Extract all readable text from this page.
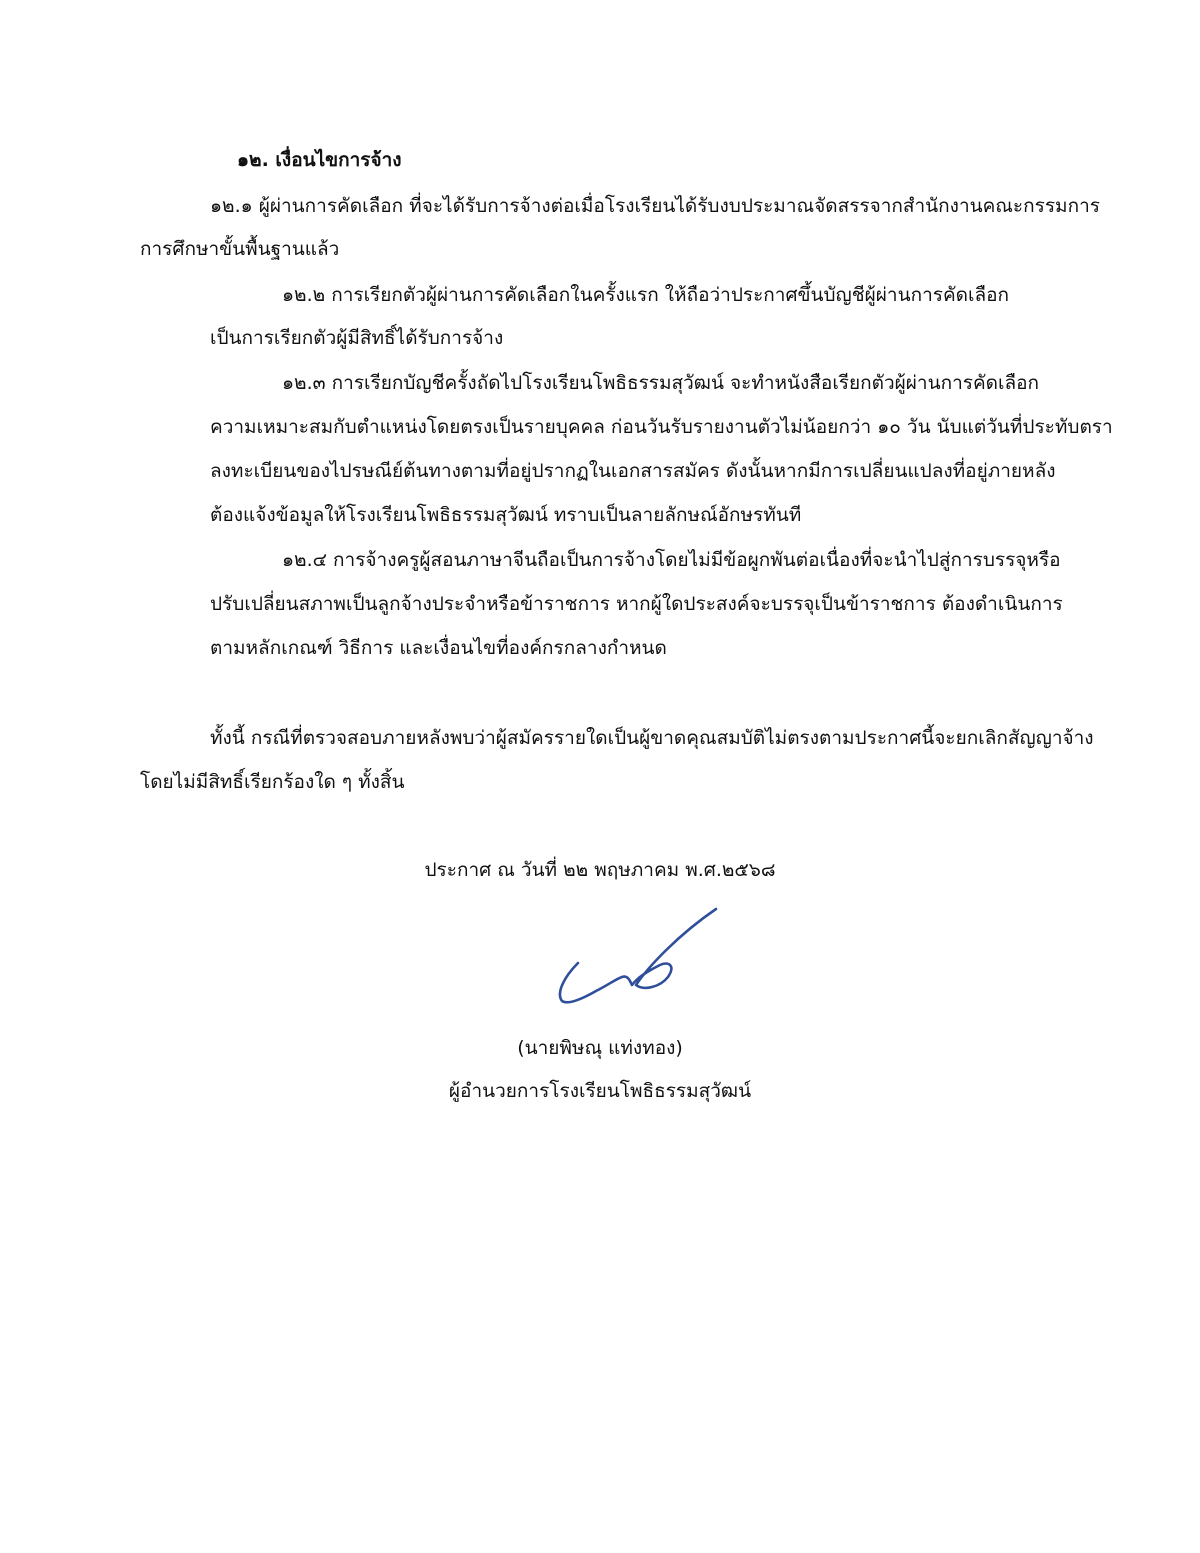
๑๒. เงื่อนไขการจ้าง

๑๒.๑ ผู้ผ่านการคัดเลือก ที่จะได้รับการจ้างต่อเมื่อโรงเรียนได้รับงบประมาณจัดสรรจากสำนักงานคณะกรรมการ

การศึกษาขั้นพื้นฐานแล้ว

๑๒.๒ การเรียกตัวผู้ผ่านการคัดเลือกในครั้งแรก ให้ถือว่าประกาศขึ้นบัญชีผู้ผ่านการคัดเลือก

เป็นการเรียกตัวผู้มีสิทธิ์ได้รับการจ้าง

๑๒.๓ การเรียกบัญชีครั้งถัดไปโรงเรียนโพธิธรรมสุวัฒน์ จะทำหนังสือเรียกตัวผู้ผ่านการคัดเลือก

ความเหมาะสมกับตำแหน่งโดยตรงเป็นรายบุคคล ก่อนวันรับรายงานตัวไม่น้อยกว่า ๑๐ วัน นับแต่วันที่ประทับตรา

ลงทะเบียนของไปรษณีย์ต้นทางตามที่อยู่ปรากฏในเอกสารสมัคร ดังนั้นหากมีการเปลี่ยนแปลงที่อยู่ภายหลัง

ต้องแจ้งข้อมูลให้โรงเรียนโพธิธรรมสุวัฒน์ ทราบเป็นลายลักษณ์อักษรทันที

๑๒.๔ การจ้างครูผู้สอนภาษาจีนถือเป็นการจ้างโดยไม่มีข้อผูกพันต่อเนื่องที่จะนำไปสู่การบรรจุหรือ

ปรับเปลี่ยนสภาพเป็นลูกจ้างประจำหรือข้าราชการ หากผู้ใดประสงค์จะบรรจุเป็นข้าราชการ ต้องดำเนินการ

ตามหลักเกณฑ์ วิธีการ และเงื่อนไขที่องค์กรกลางกำหนด

ทั้งนี้ กรณีที่ตรวจสอบภายหลังพบว่าผู้สมัครรายใดเป็นผู้ขาดคุณสมบัติไม่ตรงตามประกาศนี้จะยกเลิกสัญญาจ้าง

โดยไม่มีสิทธิ์เรียกร้องใด ๆ ทั้งสิ้น

ประกาศ ณ วันที่ ๒๒ พฤษภาคม พ.ศ.๒๕๖๘

(นายพิษณุ แท่งทอง)

ผู้อำนวยการโรงเรียนโพธิธรรมสุวัฒน์
